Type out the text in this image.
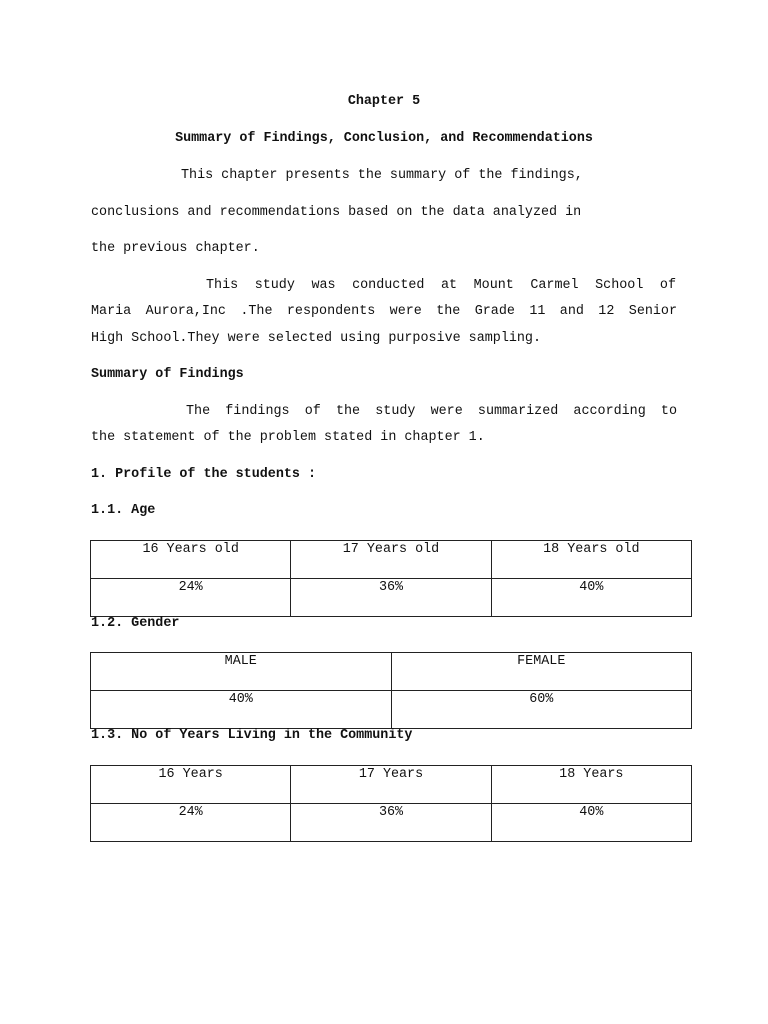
Chapter 5
Summary of Findings, Conclusion, and Recommendations
This chapter presents the summary of the findings,
conclusions and recommendations based on the data analyzed in
the previous chapter.
This study was conducted at Mount Carmel School of
Maria Aurora,Inc .The respondents were the Grade 11 and 12 Senior
High School.They were selected using purposive sampling.
Summary of Findings
The findings of the study were summarized according to
the statement of the problem stated in chapter 1.
1. Profile of the students :
1.1. Age
16 Years old	17 Years old	18 Years old
24%	36%	40%
1.2. Gender
MALE	FEMALE
40%	60%
1.3. No of Years Living in the Community
16 Years	17 Years	18 Years
24%	36%	40%
